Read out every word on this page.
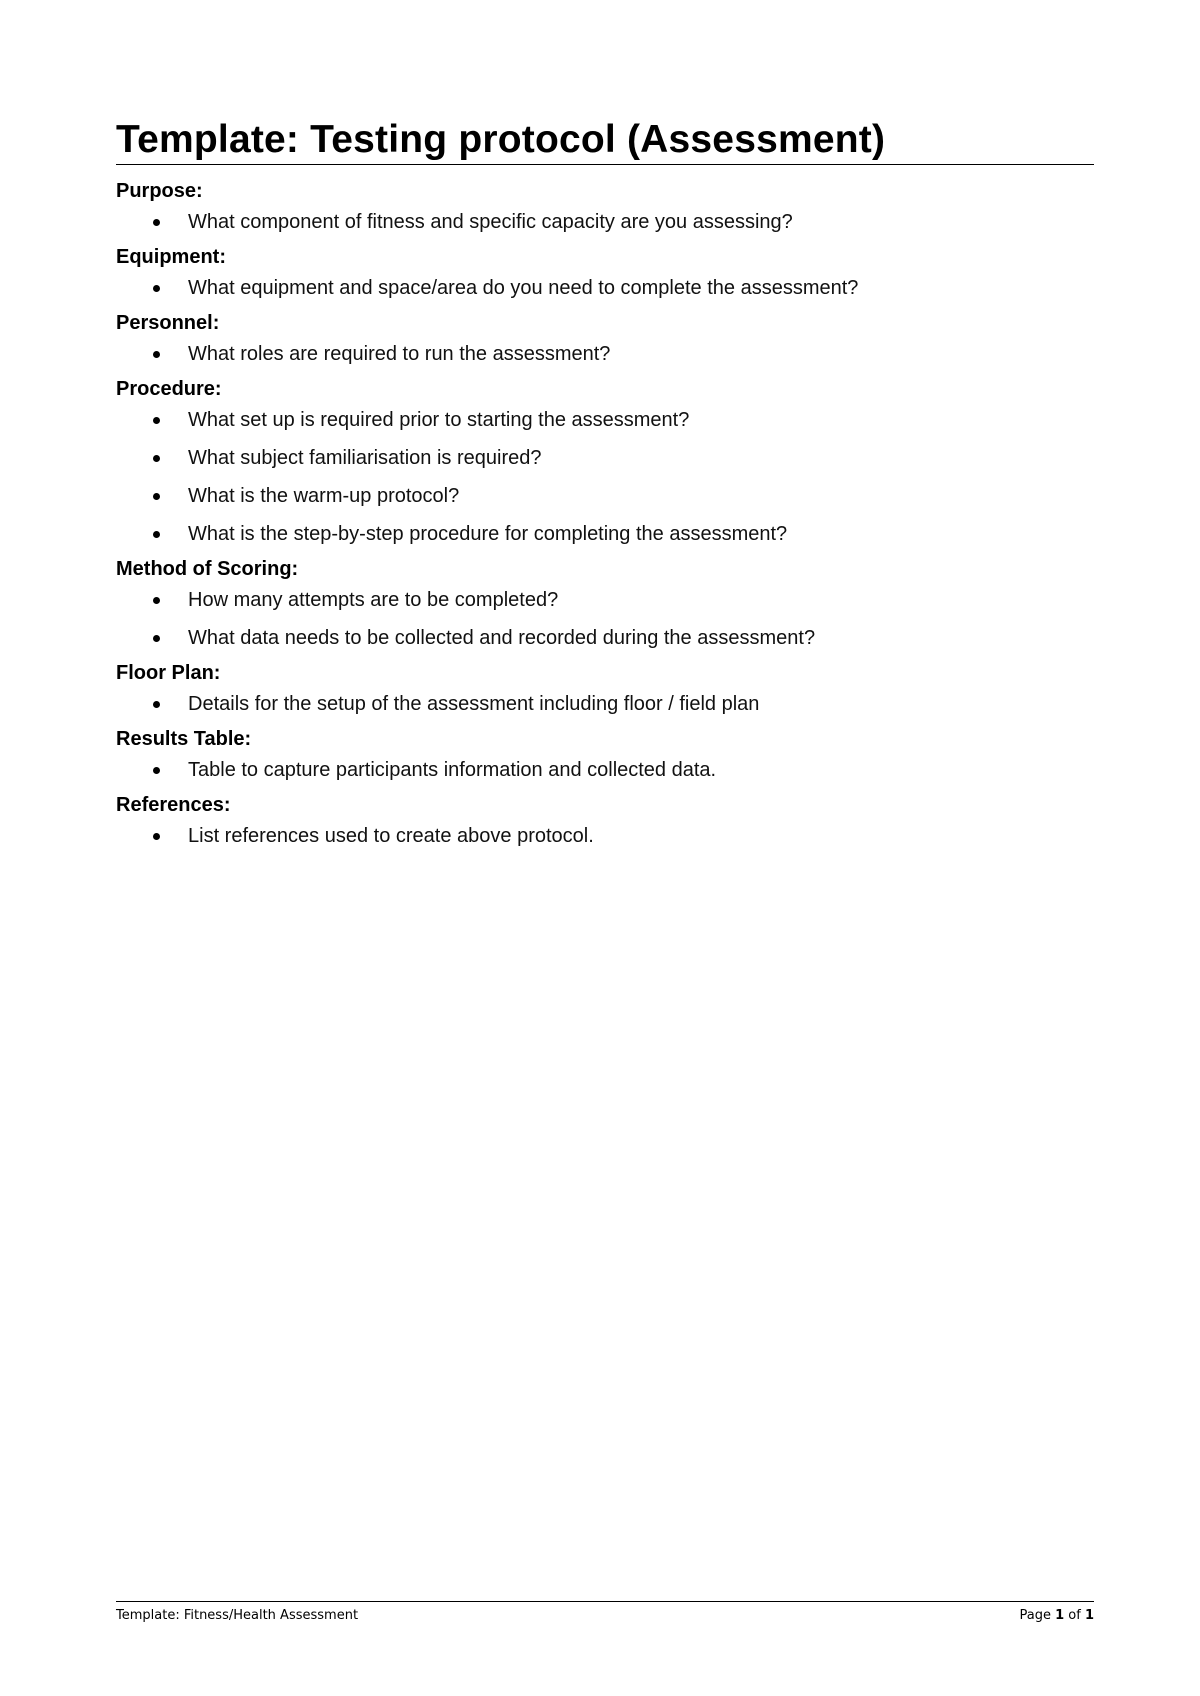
Template: Testing protocol (Assessment)
Purpose:
What component of fitness and specific capacity are you assessing?
Equipment:
What equipment and space/area do you need to complete the assessment?
Personnel:
What roles are required to run the assessment?
Procedure:
What set up is required prior to starting the assessment?
What subject familiarisation is required?
What is the warm-up protocol?
What is the step-by-step procedure for completing the assessment?
Method of Scoring:
How many attempts are to be completed?
What data needs to be collected and recorded during the assessment?
Floor Plan:
Details for the setup of the assessment including floor / field plan
Results Table:
Table to capture participants information and collected data.
References:
List references used to create above protocol.
Template: Fitness/Health Assessment	Page 1 of 1
